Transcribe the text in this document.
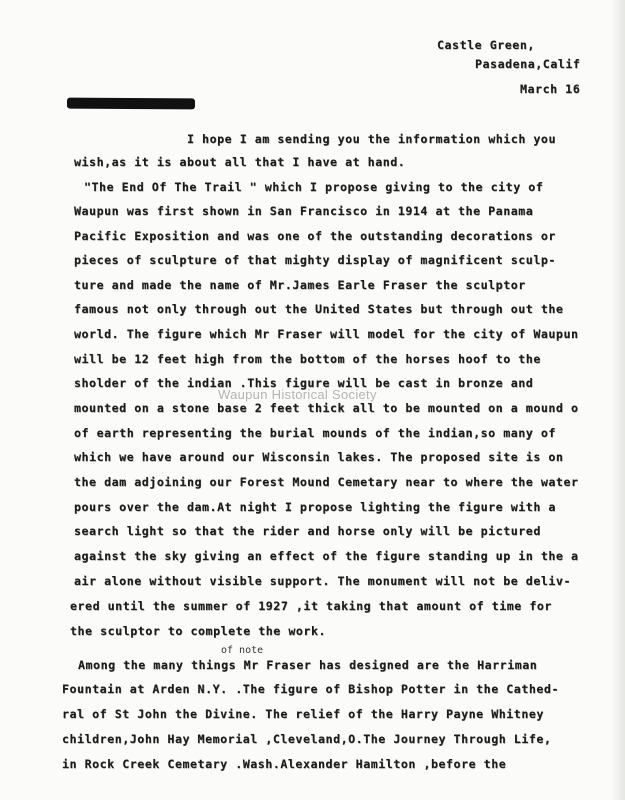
Castle Green,
Pasadena,Calif
March 16
I hope I am sending you the information which you
wish,as it is about all that I have at hand.
"The End Of The Trail " which I propose giving to the city of
Waupun was first shown in San Francisco in 1914 at the Panama
Pacific Exposition and was one of the outstanding decorations or
pieces of sculpture of that mighty display of magnificent sculp-
ture and made the name of Mr.James Earle Fraser the sculptor
famous not only through out the United States but through out the
world. The figure which Mr Fraser will model for the city of Waupun
will be 12 feet high from the bottom of the horses hoof to the
sholder of the indian .This figure will be cast in bronze and
mounted on a stone base 2 feet thick all to be mounted on a mound o
of earth representing the burial mounds of the indian,so many of
which we have around our Wisconsin lakes. The proposed site is on
the dam adjoining our Forest Mound Cemetary near to where the water
pours over the dam.At night I propose lighting the figure with a
search light so that the rider and horse only will be pictured
against the sky giving an effect of the figure standing up in the a
air alone without visible support. The monument will not be deliv-
ered until the summer of 1927 ,it taking that amount of time for
the sculptor to complete the work.
of note
Among the many things Mr Fraser has designed are the Harriman
Fountain at Arden N.Y. .The figure of Bishop Potter in the Cathed-
ral of St John the Divine. The relief of the Harry Payne Whitney
children,John Hay Memorial ,Cleveland,O.The Journey Through Life,
in Rock Creek Cemetary .Wash.Alexander Hamilton ,before the
Waupun Historical Society
